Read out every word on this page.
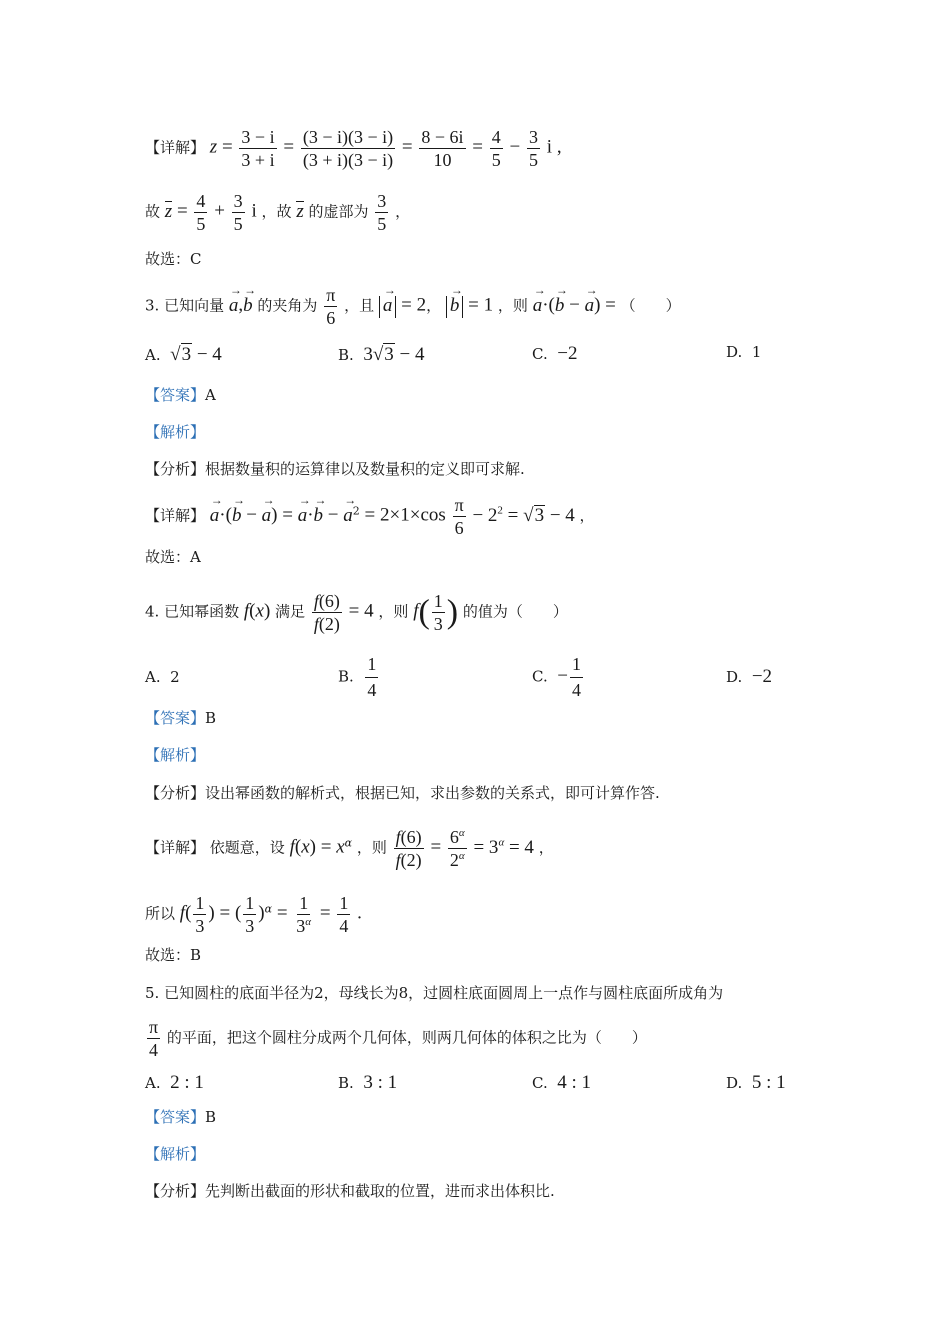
【详解】 $z = \frac{3 - i}{3 + i} = \frac{(3 - i)(3 - i)}{(3 + i)(3 - i)} = \frac{8 - 6i}{10} = \frac{4}{5} - \frac{3}{5}$ i ,
故 $z = \frac{4}{5} + \frac{3}{5}$ i ，故 z 的虚部为 $\frac{3}{5}$ ，
故选：C
3. 已知向量 → a,→ b 的夹角为 $\frac{\pi}{6}$ ，且 → a = 2， → b = 1 ，则 → a·(→ b − → a) = （　　）
A. √3 − 4	B. 3√3 − 4	C. −2	D. 1
【答案】A
【解析】
【分析】根据数量积的运算律以及数量积的定义即可求解.
【详解】 → a·(→ b − → a) = → a·→ b − → $a^2 = 2\times 1\times\cos \frac{\pi}{6} - 2^2 = √3 - 4$ ，
故选：A
4. 已知幂函数 f(x) 满足 $\frac{f(6)}{f(2)} = 4$ ，则 $f( \frac{1}{3}$ ) 的值为（　　）
A. 2	B. $\frac{1}{4}$	C. − $\frac{1}{4}$	D. −2
【答案】B
【解析】
【分析】设出幂函数的解析式，根据已知，求出参数的关系式，即可计算作答.
【详解】 依题意，设 $f(x) = x^\alpha$ ，则 $\frac{f(6)}{f(2)} = \frac{6^\alpha}{2^\alpha} = 3^\alpha = 4$ ，
所以 $f( \frac{1}{3}$ ) = ( $\frac{1}{3} )^\alpha = \frac{1}{3^\alpha} = \frac{1}{4}$ .
故选：B
5. 已知圆柱的底面半径为2，母线长为8，过圆柱底面圆周上一点作与圆柱底面所成角为
$\frac{\pi}{4}$ 的平面，把这个圆柱分成两个几何体，则两几何体的体积之比为（　　）
A. 2 : 1	B. 3 : 1	C. 4 : 1	D. 5 : 1
【答案】B
【解析】
【分析】先判断出截面的形状和截取的位置，进而求出体积比.
